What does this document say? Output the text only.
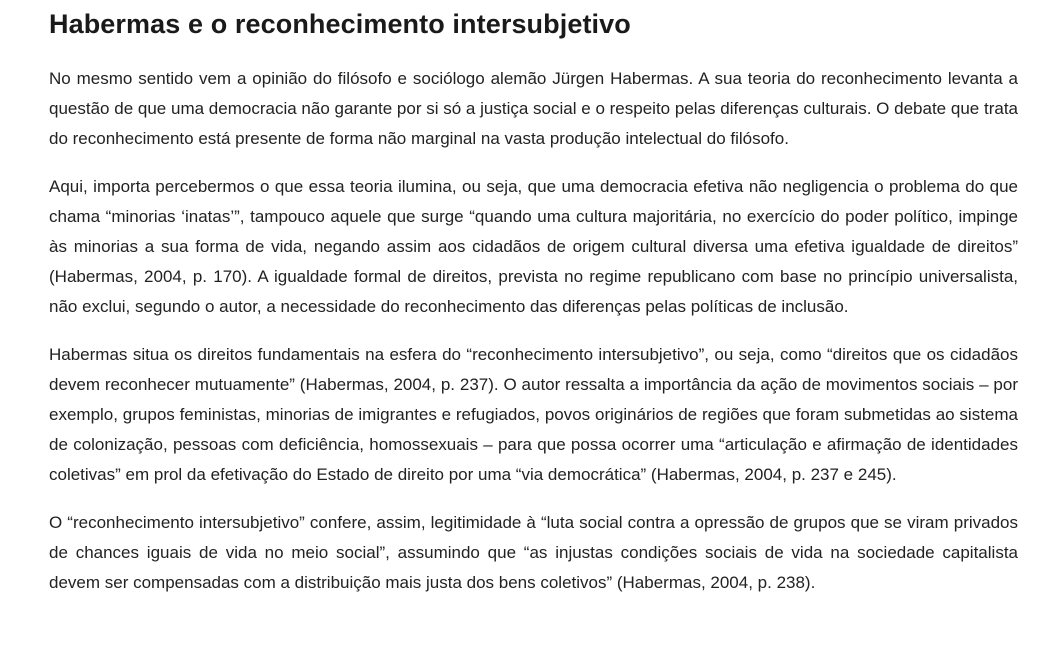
Habermas e o reconhecimento intersubjetivo

No mesmo sentido vem a opinião do filósofo e sociólogo alemão Jürgen Habermas. A sua teoria do reconhecimento levanta a questão de que uma democracia não garante por si só a justiça social e o respeito pelas diferenças culturais. O debate que trata do reconhecimento está presente de forma não marginal na vasta produção intelectual do filósofo.

Aqui, importa percebermos o que essa teoria ilumina, ou seja, que uma democracia efetiva não negligencia o problema do que chama “minorias ‘inatas’”, tampouco aquele que surge “quando uma cultura majoritária, no exercício do poder político, impinge às minorias a sua forma de vida, negando assim aos cidadãos de origem cultural diversa uma efetiva igualdade de direitos” (Habermas, 2004, p. 170). A igualdade formal de direitos, prevista no regime republicano com base no princípio universalista, não exclui, segundo o autor, a necessidade do reconhecimento das diferenças pelas políticas de inclusão.

Habermas situa os direitos fundamentais na esfera do “reconhecimento intersubjetivo”, ou seja, como “direitos que os cidadãos devem reconhecer mutuamente” (Habermas, 2004, p. 237). O autor ressalta a importância da ação de movimentos sociais – por exemplo, grupos feministas, minorias de imigrantes e refugiados, povos originários de regiões que foram submetidas ao sistema de colonização, pessoas com deficiência, homossexuais – para que possa ocorrer uma “articulação e afirmação de identidades coletivas” em prol da efetivação do Estado de direito por uma “via democrática” (Habermas, 2004, p. 237 e 245).

O “reconhecimento intersubjetivo” confere, assim, legitimidade à “luta social contra a opressão de grupos que se viram privados de chances iguais de vida no meio social”, assumindo que “as injustas condições sociais de vida na sociedade capitalista devem ser compensadas com a distribuição mais justa dos bens coletivos” (Habermas, 2004, p. 238).
